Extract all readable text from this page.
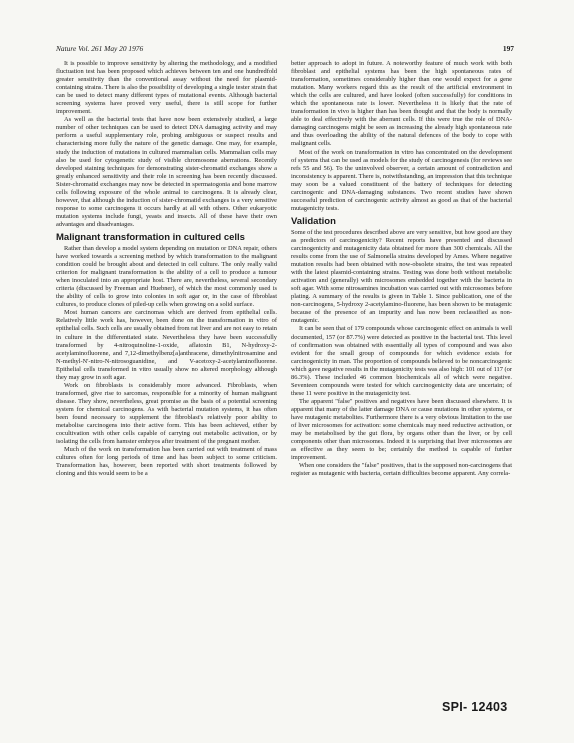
Nature Vol. 261 May 20 1976	197

It is possible to improve sensitivity by altering the methodology, and a modified fluctuation test has been proposed which achieves between ten and one hundredfold greater sensitivity than the conventional assay without the need for plasmid-containing strains. There is also the possibility of developing a single tester strain that can be used to detect many different types of mutational events. Although bacterial screening systems have proved very useful, there is still scope for further improvement.

As well as the bacterial tests that have now been extensively studied, a large number of other techniques can be used to detect DNA damaging activity and may perform a useful supplementary role, probing ambiguous or suspect results and characterising more fully the nature of the genetic damage. One may, for example, study the induction of mutations in cultured mammalian cells. Mammalian cells may also be used for cytogenetic study of visible chromosome aberrations. Recently developed staining techniques for demonstrating sister-chromatid exchanges show a greatly enhanced sensitivity and their role in screening has been recently discussed. Sister-chromatid exchanges may now be detected in spermatogonia and bone marrow cells following exposure of the whole animal to carcinogens. It is already clear, however, that although the induction of sister-chromatid exchanges is a very sensitive response to some carcinogens it occurs hardly at all with others. Other eukaryotic mutation systems include fungi, yeasts and insects. All of these have their own advantages and disadvantages.

Malignant transformation in cultured cells

Rather than develop a model system depending on mutation or DNA repair, others have worked towards a screening method by which transformation to the malignant condition could be brought about and detected in cell culture. The only really valid criterion for malignant transformation is the ability of a cell to produce a tumour when inoculated into an appropriate host. There are, nevertheless, several secondary criteria (discussed by Freeman and Huebner), of which the most commonly used is the ability of cells to grow into colonies in soft agar or, in the case of fibroblast cultures, to produce clones of piled-up cells when growing on a solid surface.

Most human cancers are carcinomas which are derived from epithelial cells. Relatively little work has, however, been done on the transformation in vitro of epithelial cells. Such cells are usually obtained from rat liver and are not easy to retain in culture in the differentiated state. Nevertheless they have been successfully transformed by 4-nitroquinoline-1-oxide, aflatoxin B1, N-hydroxy-2-acetylaminofluorene, and 7,12-dimethylbenz[a]anthracene, dimethylnitrosamine and N-methyl-N'-nitro-N-nitrosoguanidine, and V-acetoxy-2-acetylaminofluorene. Epithelial cells transformed in vitro usually show no altered morphology although they may grow in soft agar.

Work on fibroblasts is considerably more advanced. Fibroblasts, when transformed, give rise to sarcomas, responsible for a minority of human malignant disease. They show, nevertheless, great promise as the basis of a potential screening system for chemical carcinogens. As with bacterial mutation systems, it has often been found necessary to supplement the fibroblast's relatively poor ability to metabolise carcinogens into their active form. This has been achieved, either by cocultivation with other cells capable of carrying out metabolic activation, or by isolating the cells from hamster embryos after treatment of the pregnant mother.

Much of the work on transformation has been carried out with treatment of mass cultures often for long periods of time and has been subject to some criticism. Transformation has, however, been reported with short treatments followed by cloning and this would seem to be a

better approach to adopt in future. A noteworthy feature of much work with both fibroblast and epithelial systems has been the high spontaneous rates of transformation, sometimes considerably higher than one would expect for a gene mutation. Many workers regard this as the result of the artificial environment in which the cells are cultured, and have looked (often successfully) for conditions in which the spontaneous rate is lower. Nevertheless it is likely that the rate of transformation in vivo is higher than has been thought and that the body is normally able to deal effectively with the aberrant cells. If this were true the role of DNA-damaging carcinogens might be seen as increasing the already high spontaneous rate and thus overloading the ability of the natural defences of the body to cope with malignant cells.

Most of the work on transformation in vitro has concentrated on the development of systems that can be used as models for the study of carcinogenesis (for reviews see refs 55 and 56). To the uninvolved observer, a certain amount of contradiction and inconsistency is apparent. There is, notwithstanding, an impression that this technique may soon be a valued constituent of the battery of techniques for detecting carcinogenic and DNA-damaging substances. Two recent studies have shown successful prediction of carcinogenic activity almost as good as that of the bacterial mutagenicity tests.

Validation

Some of the test procedures described above are very sensitive, but how good are they as predictors of carcinogenicity? Recent reports have presented and discussed carcinogenicity and mutagenicity data obtained for more than 300 chemicals. All the results come from the use of Salmonella strains developed by Ames. Where negative mutation results had been obtained with now-obsolete strains, the test was repeated with the latest plasmid-containing strains. Testing was done both without metabolic activation and (generally) with microsomes embedded together with the bacteria in soft agar. With some nitrosamines incubation was carried out with microsomes before plating. A summary of the results is given in Table 1. Since publication, one of the non-carcinogens, 5-hydroxy 2-acetylamino-fluorene, has been shown to be mutagenic because of the presence of an impurity and has now been reclassified as non-mutagenic.

It can be seen that of 179 compounds whose carcinogenic effect on animals is well documented, 157 (or 87.7%) were detected as positive in the bacterial test. This level of confirmation was obtained with essentially all types of compound and was also evident for the small group of compounds for which evidence exists for carcinogenicity in man. The proportion of compounds believed to be noncarcinogenic which gave negative results in the mutagenicity tests was also high: 101 out of 117 (or 86.3%). These included 46 common biochemicals all of which were negative. Seventeen compounds were tested for which carcinogenicity data are uncertain; of these 11 were positive in the mutagenicity test.

The apparent "false" positives and negatives have been discussed elsewhere. It is apparent that many of the latter damage DNA or cause mutations in other systems, or have mutagenic metabolites. Furthermore there is a very obvious limitation to the use of liver microsomes for activation: some chemicals may need reductive activation, or may be metabolised by the gut flora, by organs other than the liver, or by cell components other than microsomes. Indeed it is surprising that liver microsomes are as effective as they seem to be; certainly the method is capable of further improvement.

When one considers the "false" positives, that is the supposed non-carcinogens that register as mutagenic with bacteria, certain difficulties become apparent. Any correla-

SPI- 12403
